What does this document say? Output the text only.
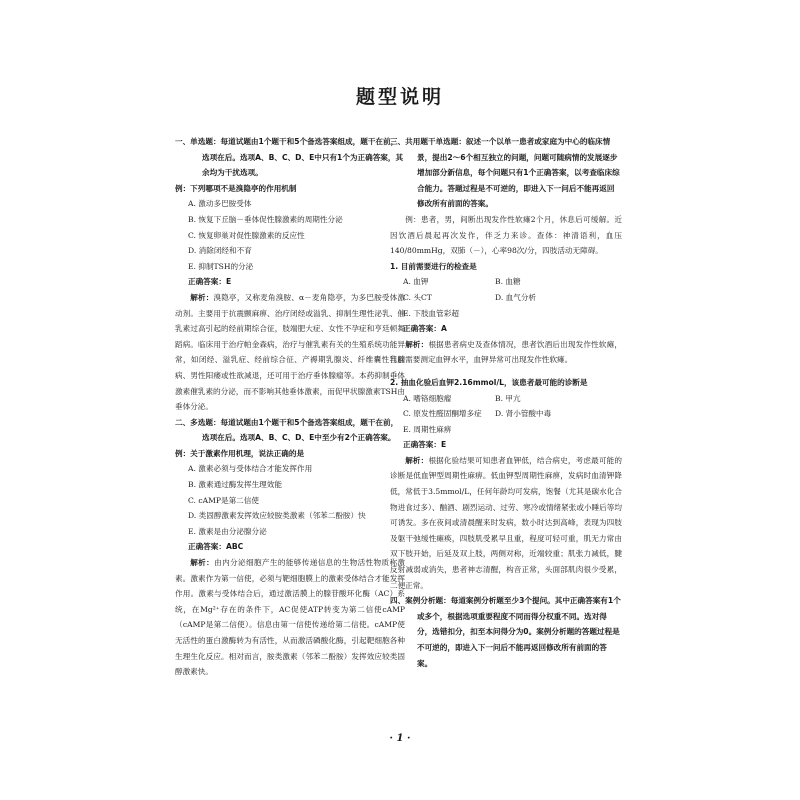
题型说明
一、单选题：每道试题由1个题干和5个备选答案组成，题干在前，选项在后。选项A、B、C、D、E中只有1个为正确答案，其余均为干扰选项。
例：下列哪项不是溴隐亭的作用机制
A. 激动多巴胺受体
B. 恢复下丘脑－垂体促性腺激素的周期性分泌
C. 恢复卵巢对促性腺激素的反应性
D. 消除闭经和不育
E. 抑制TSH的分泌
正确答案：E
解析：溴隐亭，又称麦角溴胺、α－麦角隐亭，为多巴胺受体激动剂。主要用于抗震颤麻痹、治疗闭经或溢乳、抑制生理性泌乳、催乳素过高引起的经前期综合征，肢端肥大症、女性不孕症和亨廷顿舞蹈病。临床用于治疗帕金森病，治疗与催乳素有关的生殖系统功能异常，如闭经、溢乳症、经前综合征、产褥期乳腺炎、纤维囊性乳腺病、男性阳痿或性欲减退，还可用于治疗垂体腺瘤等。本药抑制垂体激素催乳素的分泌，而不影响其他垂体激素，而促甲状腺激素TSH由垂体分泌。
二、多选题：每道试题由1个题干和5个备选答案组成，题干在前，选项在后。选项A、B、C、D、E中至少有2个正确答案。
例：关于激素作用机理，说法正确的是
A. 激素必须与受体结合才能发挥作用
B. 激素通过酶发挥生理效能
C. cAMP是第二信使
D. 类固醇激素发挥效应较胺类激素（邻苯二酚胺）快
E. 激素是由分泌腺分泌
正确答案：ABC
解析：由内分泌细胞产生的能够传递信息的生物活性物质称激素。激素作为第一信使，必须与靶细胞膜上的激素受体结合才能发挥作用。激素与受体结合后，通过激活膜上的腺苷酸环化酶（AC）系统，在Mg²⁺存在的条件下，AC促使ATP转变为第二信使cAMP（cAMP是第二信使）。信息由第一信使传递给第二信使。cAMP使无活性的蛋白激酶转为有活性，从而激活磷酸化酶，引起靶细胞各种生理生化反应。相对而言，胺类激素（邻苯二酚胺）发挥效应较类固醇激素快。
三、共用题干单选题：叙述一个以单一患者或家庭为中心的临床情景，提出2～6个相互独立的问题，问题可随病情的发展逐步增加部分新信息，每个问题只有1个正确答案，以考查临床综合能力。答题过程是不可逆的，即进入下一问后不能再返回修改所有前面的答案。
例：患者，男，间断出现发作性软瘫2个月，休息后可缓解。近因饮酒后晨起再次发作，伴乏力来诊。查体：神清语利，血压140/80mmHg，双肺（－），心率98次/分，四肢活动无障碍。
1. 目前需要进行的检查是
A. 血钾	B. 血糖
C. 头CT	D. 血气分析
E. 下肢血管彩超
正确答案：A
解析：根据患者病史及查体情况，患者饮酒后出现发作性软瘫，目前需要测定血钾水平，血钾异常可出现发作性软瘫。
2. 抽血化验后血钾2.16mmol/L，该患者最可能的诊断是
A. 嗜铬细胞瘤	B. 甲亢
C. 原发性醛固酮增多症	D. 肾小管酸中毒
E. 周期性麻痹
正确答案：E
解析：根据化验结果可知患者血钾低，结合病史，考虑最可能的诊断是低血钾型周期性麻痹。低血钾型周期性麻痹，发病时血清钾降低，常低于3.5mmol/L，任何年龄均可发病，饱餐（尤其是碳水化合物进食过多）、酗酒、剧烈运动、过劳、寒冷或情绪紧张或小睡后等均可诱发。多在夜间或清晨醒来时发病，数小时达到高峰，表现为四肢及躯干弛缓性瘫痪，四肢肌受累早且重，程度可轻可重，肌无力常由双下肢开始，后延及双上肢，两侧对称，近端较重；肌张力减低，腱反射减弱或消失，患者神志清醒，构音正常，头面部肌肉很少受累，二便正常。
四、案例分析题：每道案例分析题至少3个提问。其中正确答案有1个或多个，根据选项重要程度不同而得分权重不同。选对得分，选错扣分，扣至本问得分为0。案例分析题的答题过程是不可逆的，即进入下一问后不能再返回修改所有前面的答案。
· 1 ·
